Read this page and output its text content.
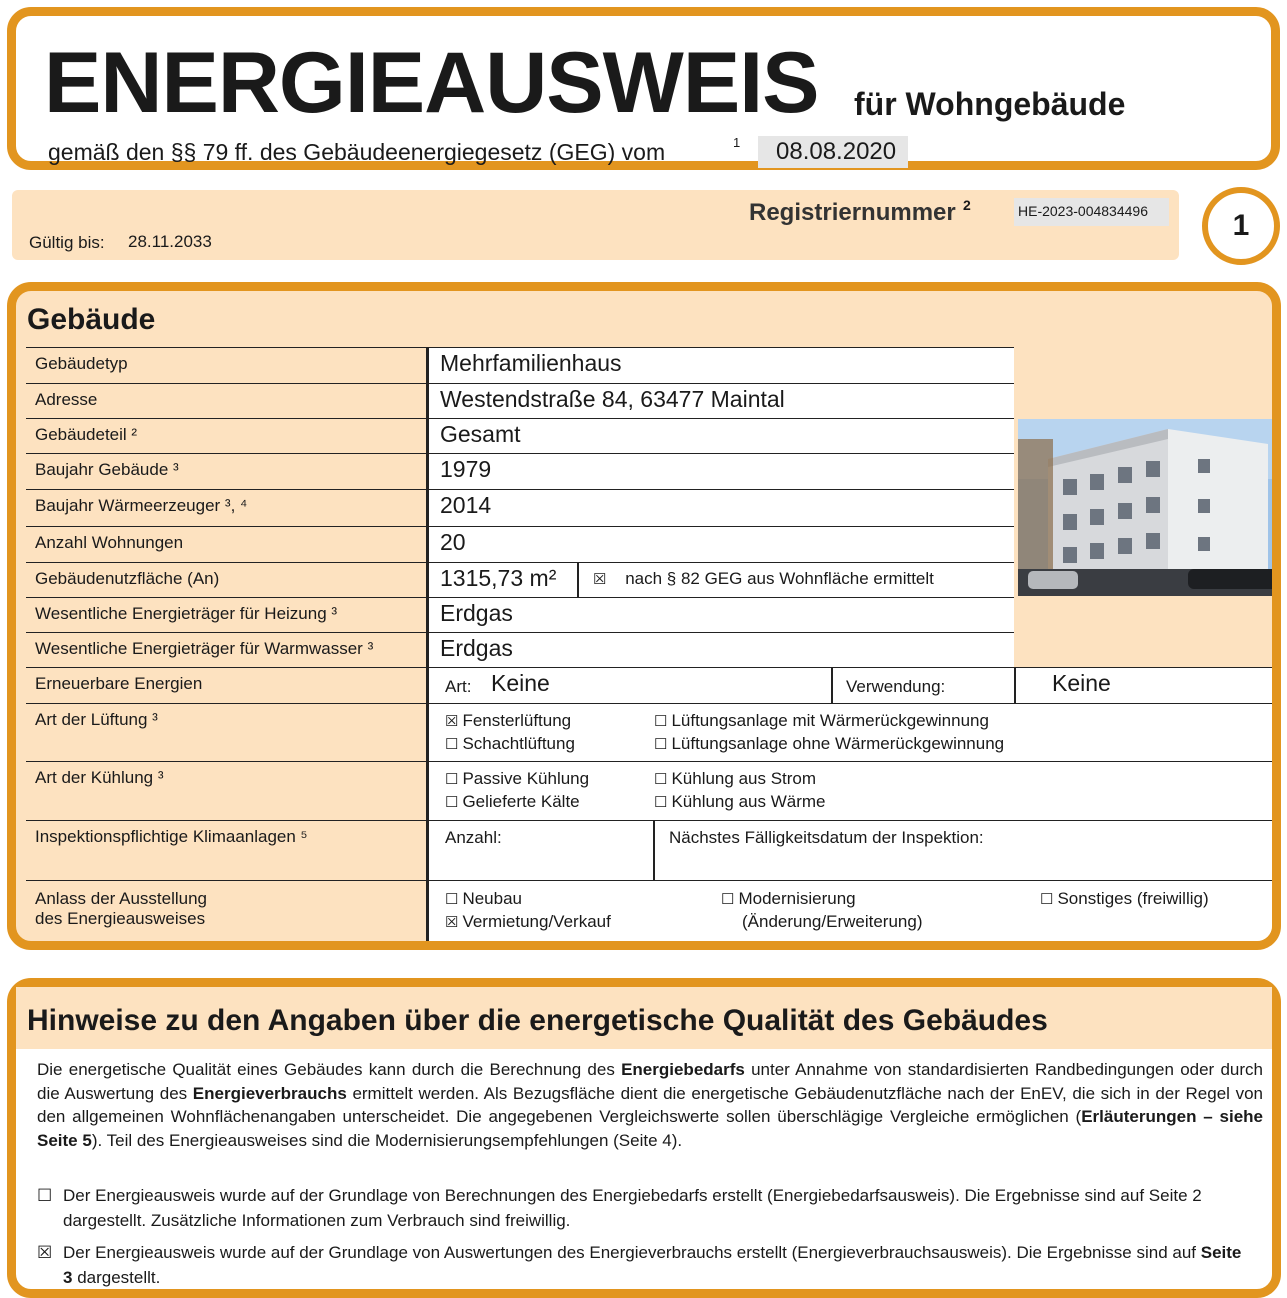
ENERGIEAUSWEIS für Wohngebäude
gemäß den §§ 79 ff. des Gebäudeenergiegesetz (GEG) vom	1	08.08.2020
Gültig bis: 28.11.2033
Registriernummer 2	HE-2023-004834496	1
Gebäude
Gebäudetyp	Mehrfamilienhaus
Adresse	Westendstraße 84, 63477 Maintal
Gebäudeteil ²	Gesamt
Baujahr Gebäude ³	1979
Baujahr Wärmeerzeuger ³, ⁴	2014
Anzahl Wohnungen	20
Gebäudenutzfläche (An)	1315,73 m²	☒ nach § 82 GEG aus Wohnfläche ermittelt
Wesentliche Energieträger für Heizung ³	Erdgas
Wesentliche Energieträger für Warmwasser ³	Erdgas
Erneuerbare Energien	Art: Keine	Verwendung:	Keine
Art der Lüftung ³	☒ Fensterlüftung
☐ Schachtlüftung
☐ Lüftungsanlage mit Wärmerückgewinnung
☐ Lüftungsanlage ohne Wärmerückgewinnung
Art der Kühlung ³	☐ Passive Kühlung
☐ Gelieferte Kälte
☐ Kühlung aus Strom
☐ Kühlung aus Wärme
Inspektionspflichtige Klimaanlagen ⁵	Anzahl:	Nächstes Fälligkeitsdatum der Inspektion:
Anlass der Ausstellung
des Energieausweises
☐ Neubau
☒ Vermietung/Verkauf
☐ Modernisierung
(Änderung/Erweiterung)
☐ Sonstiges (freiwillig)
Hinweise zu den Angaben über die energetische Qualität des Gebäudes
Die energetische Qualität eines Gebäudes kann durch die Berechnung des Energiebedarfs unter Annahme von standardisierten Randbedingungen oder durch die Auswertung des Energieverbrauchs ermittelt werden. Als Bezugsfläche dient die energetische Gebäudenutzfläche nach der EnEV, die sich in der Regel von den allgemeinen Wohnflächenangaben unterscheidet. Die angegebenen Vergleichswerte sollen überschlägige Vergleiche ermöglichen (Erläuterungen – siehe Seite 5). Teil des Energieausweises sind die Modernisierungsempfehlungen (Seite 4).
☐ Der Energieausweis wurde auf der Grundlage von Berechnungen des Energiebedarfs erstellt (Energiebedarfsausweis). Die Ergebnisse sind auf Seite 2 dargestellt. Zusätzliche Informationen zum Verbrauch sind freiwillig.
☒ Der Energieausweis wurde auf der Grundlage von Auswertungen des Energieverbrauchs erstellt (Energieverbrauchsausweis). Die Ergebnisse sind auf Seite 3 dargestellt.
